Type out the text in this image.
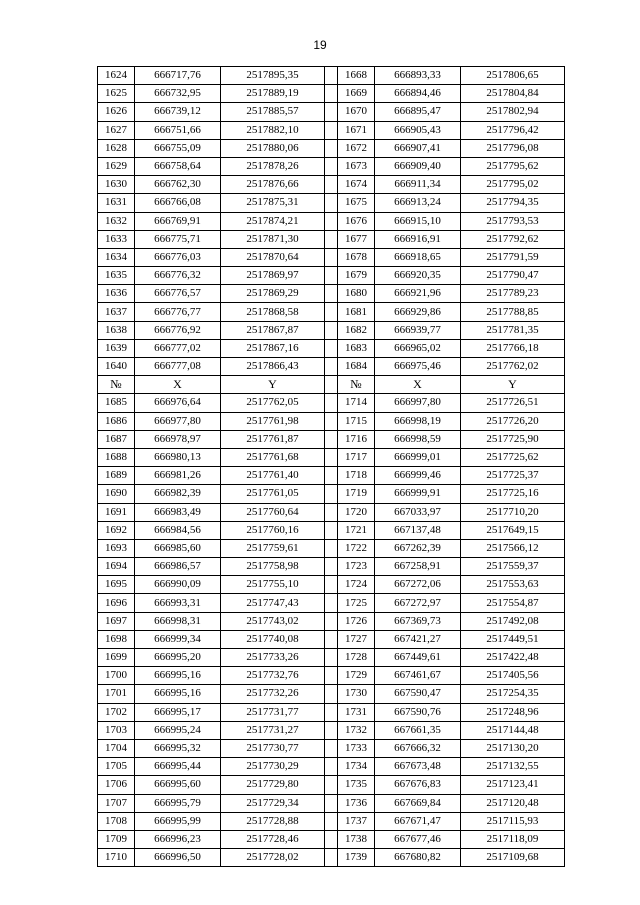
19
1624	666717,76	2517895,35		1668	666893,33	2517806,65
1625	666732,95	2517889,19		1669	666894,46	2517804,84
1626	666739,12	2517885,57		1670	666895,47	2517802,94
1627	666751,66	2517882,10		1671	666905,43	2517796,42
1628	666755,09	2517880,06		1672	666907,41	2517796,08
1629	666758,64	2517878,26		1673	666909,40	2517795,62
1630	666762,30	2517876,66		1674	666911,34	2517795,02
1631	666766,08	2517875,31		1675	666913,24	2517794,35
1632	666769,91	2517874,21		1676	666915,10	2517793,53
1633	666775,71	2517871,30		1677	666916,91	2517792,62
1634	666776,03	2517870,64		1678	666918,65	2517791,59
1635	666776,32	2517869,97		1679	666920,35	2517790,47
1636	666776,57	2517869,29		1680	666921,96	2517789,23
1637	666776,77	2517868,58		1681	666929,86	2517788,85
1638	666776,92	2517867,87		1682	666939,77	2517781,35
1639	666777,02	2517867,16		1683	666965,02	2517766,18
1640	666777,08	2517866,43		1684	666975,46	2517762,02
№	X	Y		№	X	Y
1685	666976,64	2517762,05		1714	666997,80	2517726,51
1686	666977,80	2517761,98		1715	666998,19	2517726,20
1687	666978,97	2517761,87		1716	666998,59	2517725,90
1688	666980,13	2517761,68		1717	666999,01	2517725,62
1689	666981,26	2517761,40		1718	666999,46	2517725,37
1690	666982,39	2517761,05		1719	666999,91	2517725,16
1691	666983,49	2517760,64		1720	667033,97	2517710,20
1692	666984,56	2517760,16		1721	667137,48	2517649,15
1693	666985,60	2517759,61		1722	667262,39	2517566,12
1694	666986,57	2517758,98		1723	667258,91	2517559,37
1695	666990,09	2517755,10		1724	667272,06	2517553,63
1696	666993,31	2517747,43		1725	667272,97	2517554,87
1697	666998,31	2517743,02		1726	667369,73	2517492,08
1698	666999,34	2517740,08		1727	667421,27	2517449,51
1699	666995,20	2517733,26		1728	667449,61	2517422,48
1700	666995,16	2517732,76		1729	667461,67	2517405,56
1701	666995,16	2517732,26		1730	667590,47	2517254,35
1702	666995,17	2517731,77		1731	667590,76	2517248,96
1703	666995,24	2517731,27		1732	667661,35	2517144,48
1704	666995,32	2517730,77		1733	667666,32	2517130,20
1705	666995,44	2517730,29		1734	667673,48	2517132,55
1706	666995,60	2517729,80		1735	667676,83	2517123,41
1707	666995,79	2517729,34		1736	667669,84	2517120,48
1708	666995,99	2517728,88		1737	667671,47	2517115,93
1709	666996,23	2517728,46		1738	667677,46	2517118,09
1710	666996,50	2517728,02		1739	667680,82	2517109,68
